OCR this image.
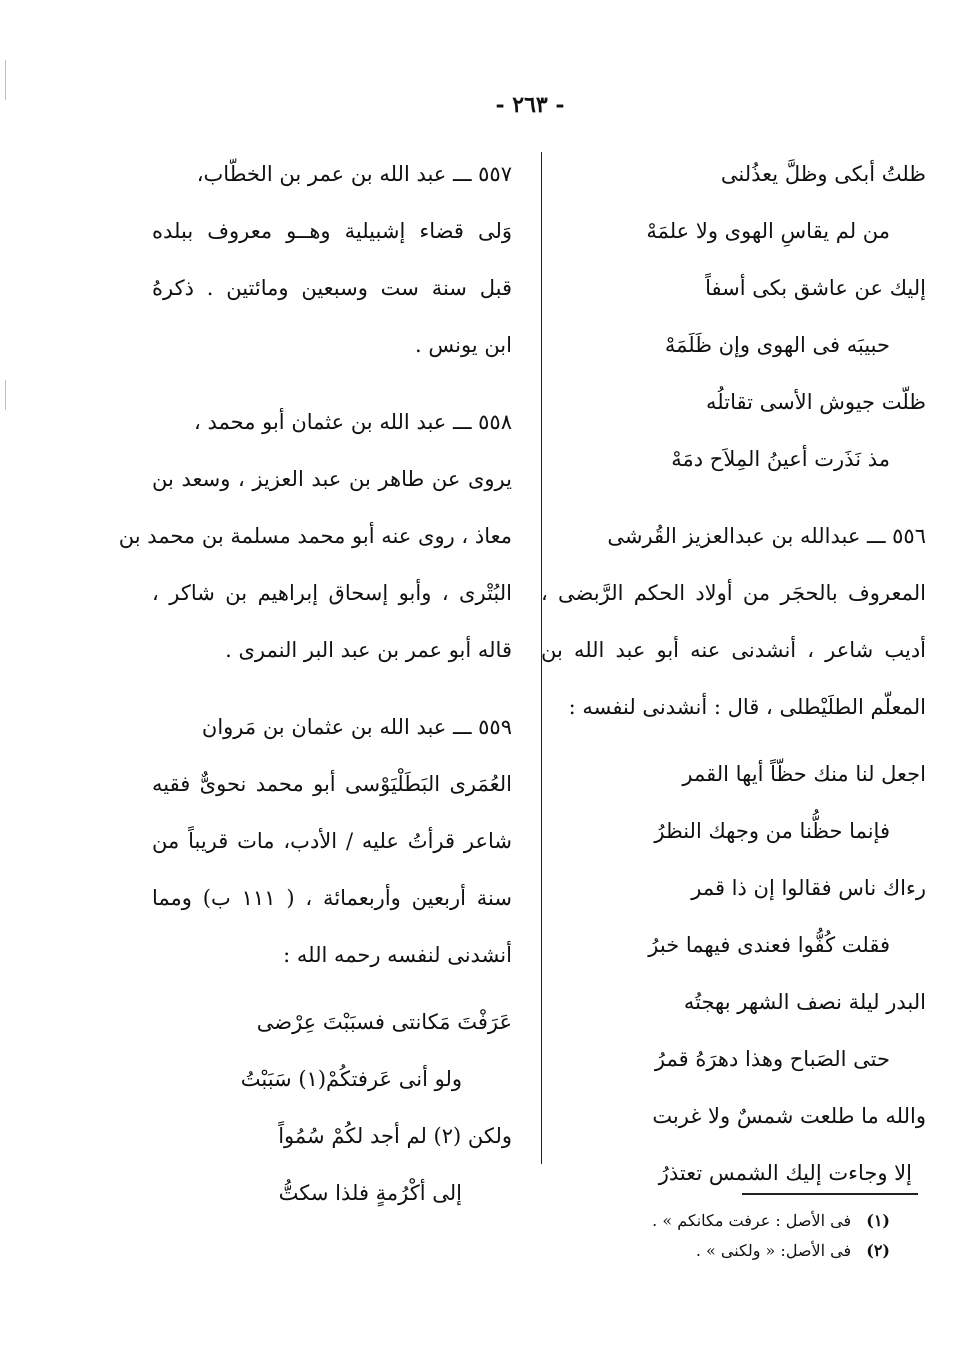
- ٢٦٣ -
ظلتُ أبكى وظلَّ يعذُلنى
من لم يقاسِ الهوى ولا علمَهْ
إليك عن عاشق بكى أسفاً
حبيبَه فى الهوى وإن ظَلَمَهْ
ظلّت جيوش الأسى تقاتلُه
مذ نَذَرت أعينُ المِلاَح دمَهْ
٥٥٦ ـــ عبدالله بن عبدالعزيز القُرشى
المعروف بالحجَر من أولاد الحكم الرَّبضى ،
أديب شاعر ، أنشدنى عنه أبو عبد الله بن
المعلّم الطلَيْطلى ، قال : أنشدنى لنفسه :
اجعل لنا منك حظّاً أيها القمر
فإنما حظُّنا من وجهك النظرُ
رءاك ناس فقالوا إن ذا قمر
فقلت كُفُّوا فعندى فيهما خبرُ
البدر ليلة نصف الشهر بهجتُه
حتى الصَباح وهذا دهرَهُ قمرُ
والله ما طلعت شمسٌ ولا غربت
إلا وجاءت إليك الشمس تعتذرُ
٥٥٧ ـــ عبد الله بن عمر بن الخطّاب،
وَلى قضاء إشبيلية وهــو معروف ببلده
قبل سنة ست وسبعين ومائتين . ذكرهُ
ابن يونس .
٥٥٨ ـــ عبد الله بن عثمان أبو محمد ،
يروى عن طاهر بن عبد العزيز ، وسعد بن
معاذ ، روى عنه أبو محمد مسلمة بن محمد بن
البُتْرى ، وأبو إسحاق إبراهيم بن شاكر ،
قاله أبو عمر بن عبد البر النمرى .
٥٥٩ ـــ عبد الله بن عثمان بن مَروان
العُمَرى البَطَلْيَوْسى أبو محمد نحوىٌّ فقيه
شاعر قرأتُ عليه / الأدب، مات قريباً من
سنة أربعين وأربعمائة ، ( ١١١ ب) ومما
أنشدنى لنفسه رحمه الله :
عَرَفْتَ مَكانتى فسبَبْتَ عِرْضى
ولو أنى عَرفتكُمْ(١) سَبَبْتُ
ولكن (٢) لم أجد لكُمْ سُمُواً
إلى أكْرُمةٍ فلذا سكتُّ
(١) فى الأصل : عرفت مكانكم » .
(٢) فى الأصل: « ولكنى » .
